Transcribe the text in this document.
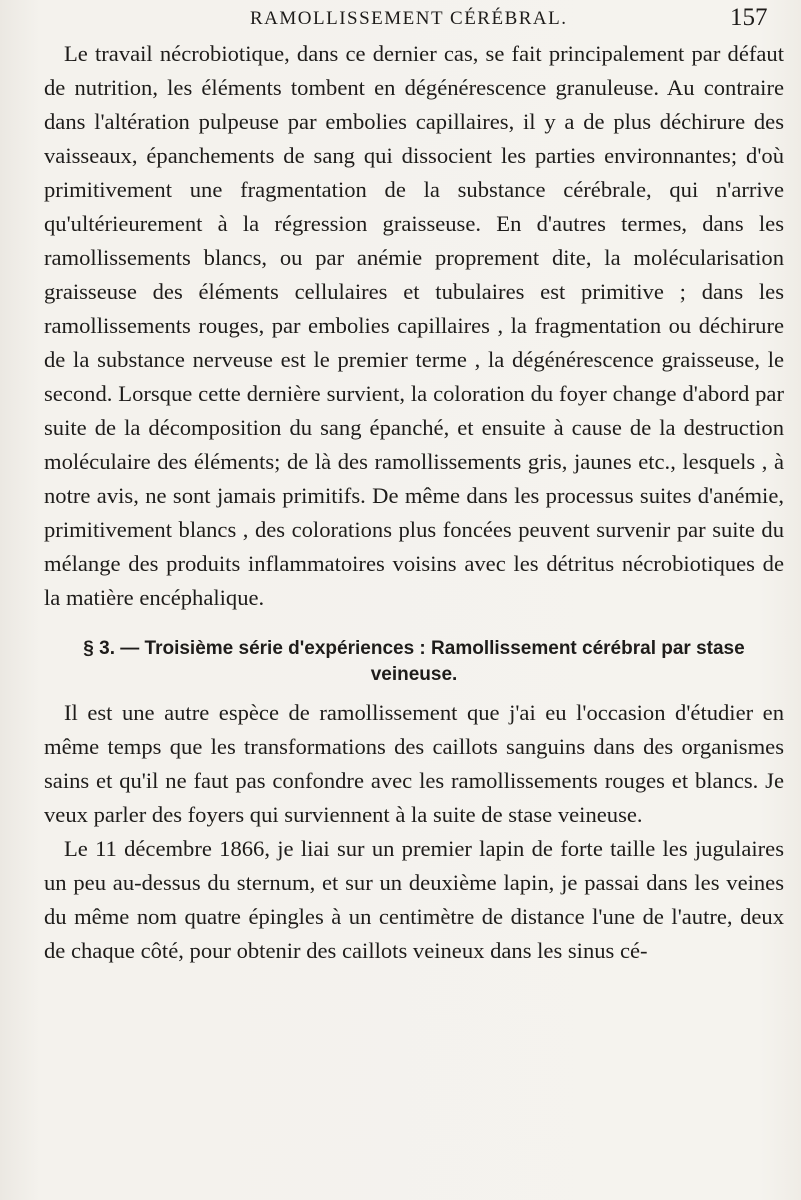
RAMOLLISSEMENT CÉRÉBRAL.	157

Le travail nécrobiotique, dans ce dernier cas, se fait principalement par défaut de nutrition, les éléments tombent en dégénérescence granuleuse. Au contraire dans l'altération pulpeuse par embolies capillaires, il y a de plus déchirure des vaisseaux, épanchements de sang qui dissocient les parties environnantes; d'où primitivement une fragmentation de la substance cérébrale, qui n'arrive qu'ultérieurement à la régression graisseuse. En d'autres termes, dans les ramollissements blancs, ou par anémie proprement dite, la molécularisation graisseuse des éléments cellulaires et tubulaires est primitive ; dans les ramollissements rouges, par embolies capillaires , la fragmentation ou déchirure de la substance nerveuse est le premier terme , la dégénérescence graisseuse, le second. Lorsque cette dernière survient, la coloration du foyer change d'abord par suite de la décomposition du sang épanché, et ensuite à cause de la destruction moléculaire des éléments; de là des ramollissements gris, jaunes etc., lesquels , à notre avis, ne sont jamais primitifs. De même dans les processus suites d'anémie, primitivement blancs , des colorations plus foncées peuvent survenir par suite du mélange des produits inflammatoires voisins avec les détritus nécrobiotiques de la matière encéphalique.

§ 3. — Troisième série d'expériences : Ramollissement cérébral par stase veineuse.

Il est une autre espèce de ramollissement que j'ai eu l'occasion d'étudier en même temps que les transformations des caillots sanguins dans des organismes sains et qu'il ne faut pas confondre avec les ramollissements rouges et blancs. Je veux parler des foyers qui surviennent à la suite de stase veineuse.

Le 11 décembre 1866, je liai sur un premier lapin de forte taille les jugulaires un peu au-dessus du sternum, et sur un deuxième lapin, je passai dans les veines du même nom quatre épingles à un centimètre de distance l'une de l'autre, deux de chaque côté, pour obtenir des caillots veineux dans les sinus cé-
